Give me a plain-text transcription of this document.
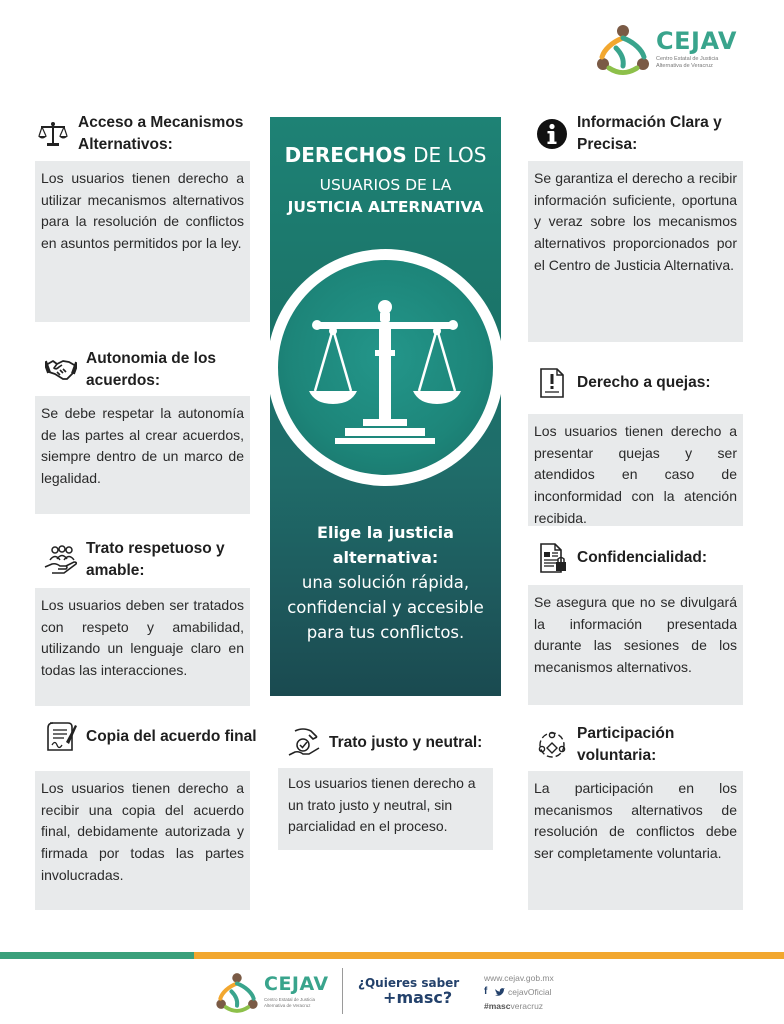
CEJAV
Centro Estatal de Justicia Alternativa de Veracruz
Acceso a Mecanismos Alternativos:
Los usuarios tienen derecho a utilizar mecanismos alternativos para la resolución de conflictos en asuntos permitidos por la ley.
Autonomia de los acuerdos:
Se debe respetar la autonomía de las partes al crear acuerdos, siempre dentro de un marco de legalidad.
Trato respetuoso y amable:
Los usuarios deben ser tratados con respeto y amabilidad, utilizando un lenguaje claro en todas las interacciones.
Copia del acuerdo final
Los usuarios tienen derecho a recibir una copia del acuerdo final, debidamente autorizada y firmada por todas las partes involucradas.
DERECHOS DE LOS
USUARIOS DE LA
JUSTICIA ALTERNATIVA
Elige la justicia alternativa:
una solución rápida,
confidencial y accesible
para tus conflictos.
Trato justo y neutral:
Los usuarios tienen derecho a un trato justo y neutral, sin parcialidad en el proceso.
Información Clara y Precisa:
Se garantiza el derecho a recibir información suficiente, oportuna y veraz sobre los mecanismos alternativos proporcionados por el Centro de Justicia Alternativa.
Derecho a quejas:
Los usuarios tienen derecho a presentar quejas y ser atendidos en caso de inconformidad con la atención recibida.
Confidencialidad:
Se asegura que no se divulgará la información presentada durante las sesiones de los mecanismos alternativos.
Participación voluntaria:
La participación en los mecanismos alternativos de resolución de conflictos debe ser completamente voluntaria.
CEJAV
Centro Estatal de Justicia Alternativa de Veracruz
¿Quieres saber
+masc?
www.cejav.gob.mx
f	cejavOficial
#mascveracruz
